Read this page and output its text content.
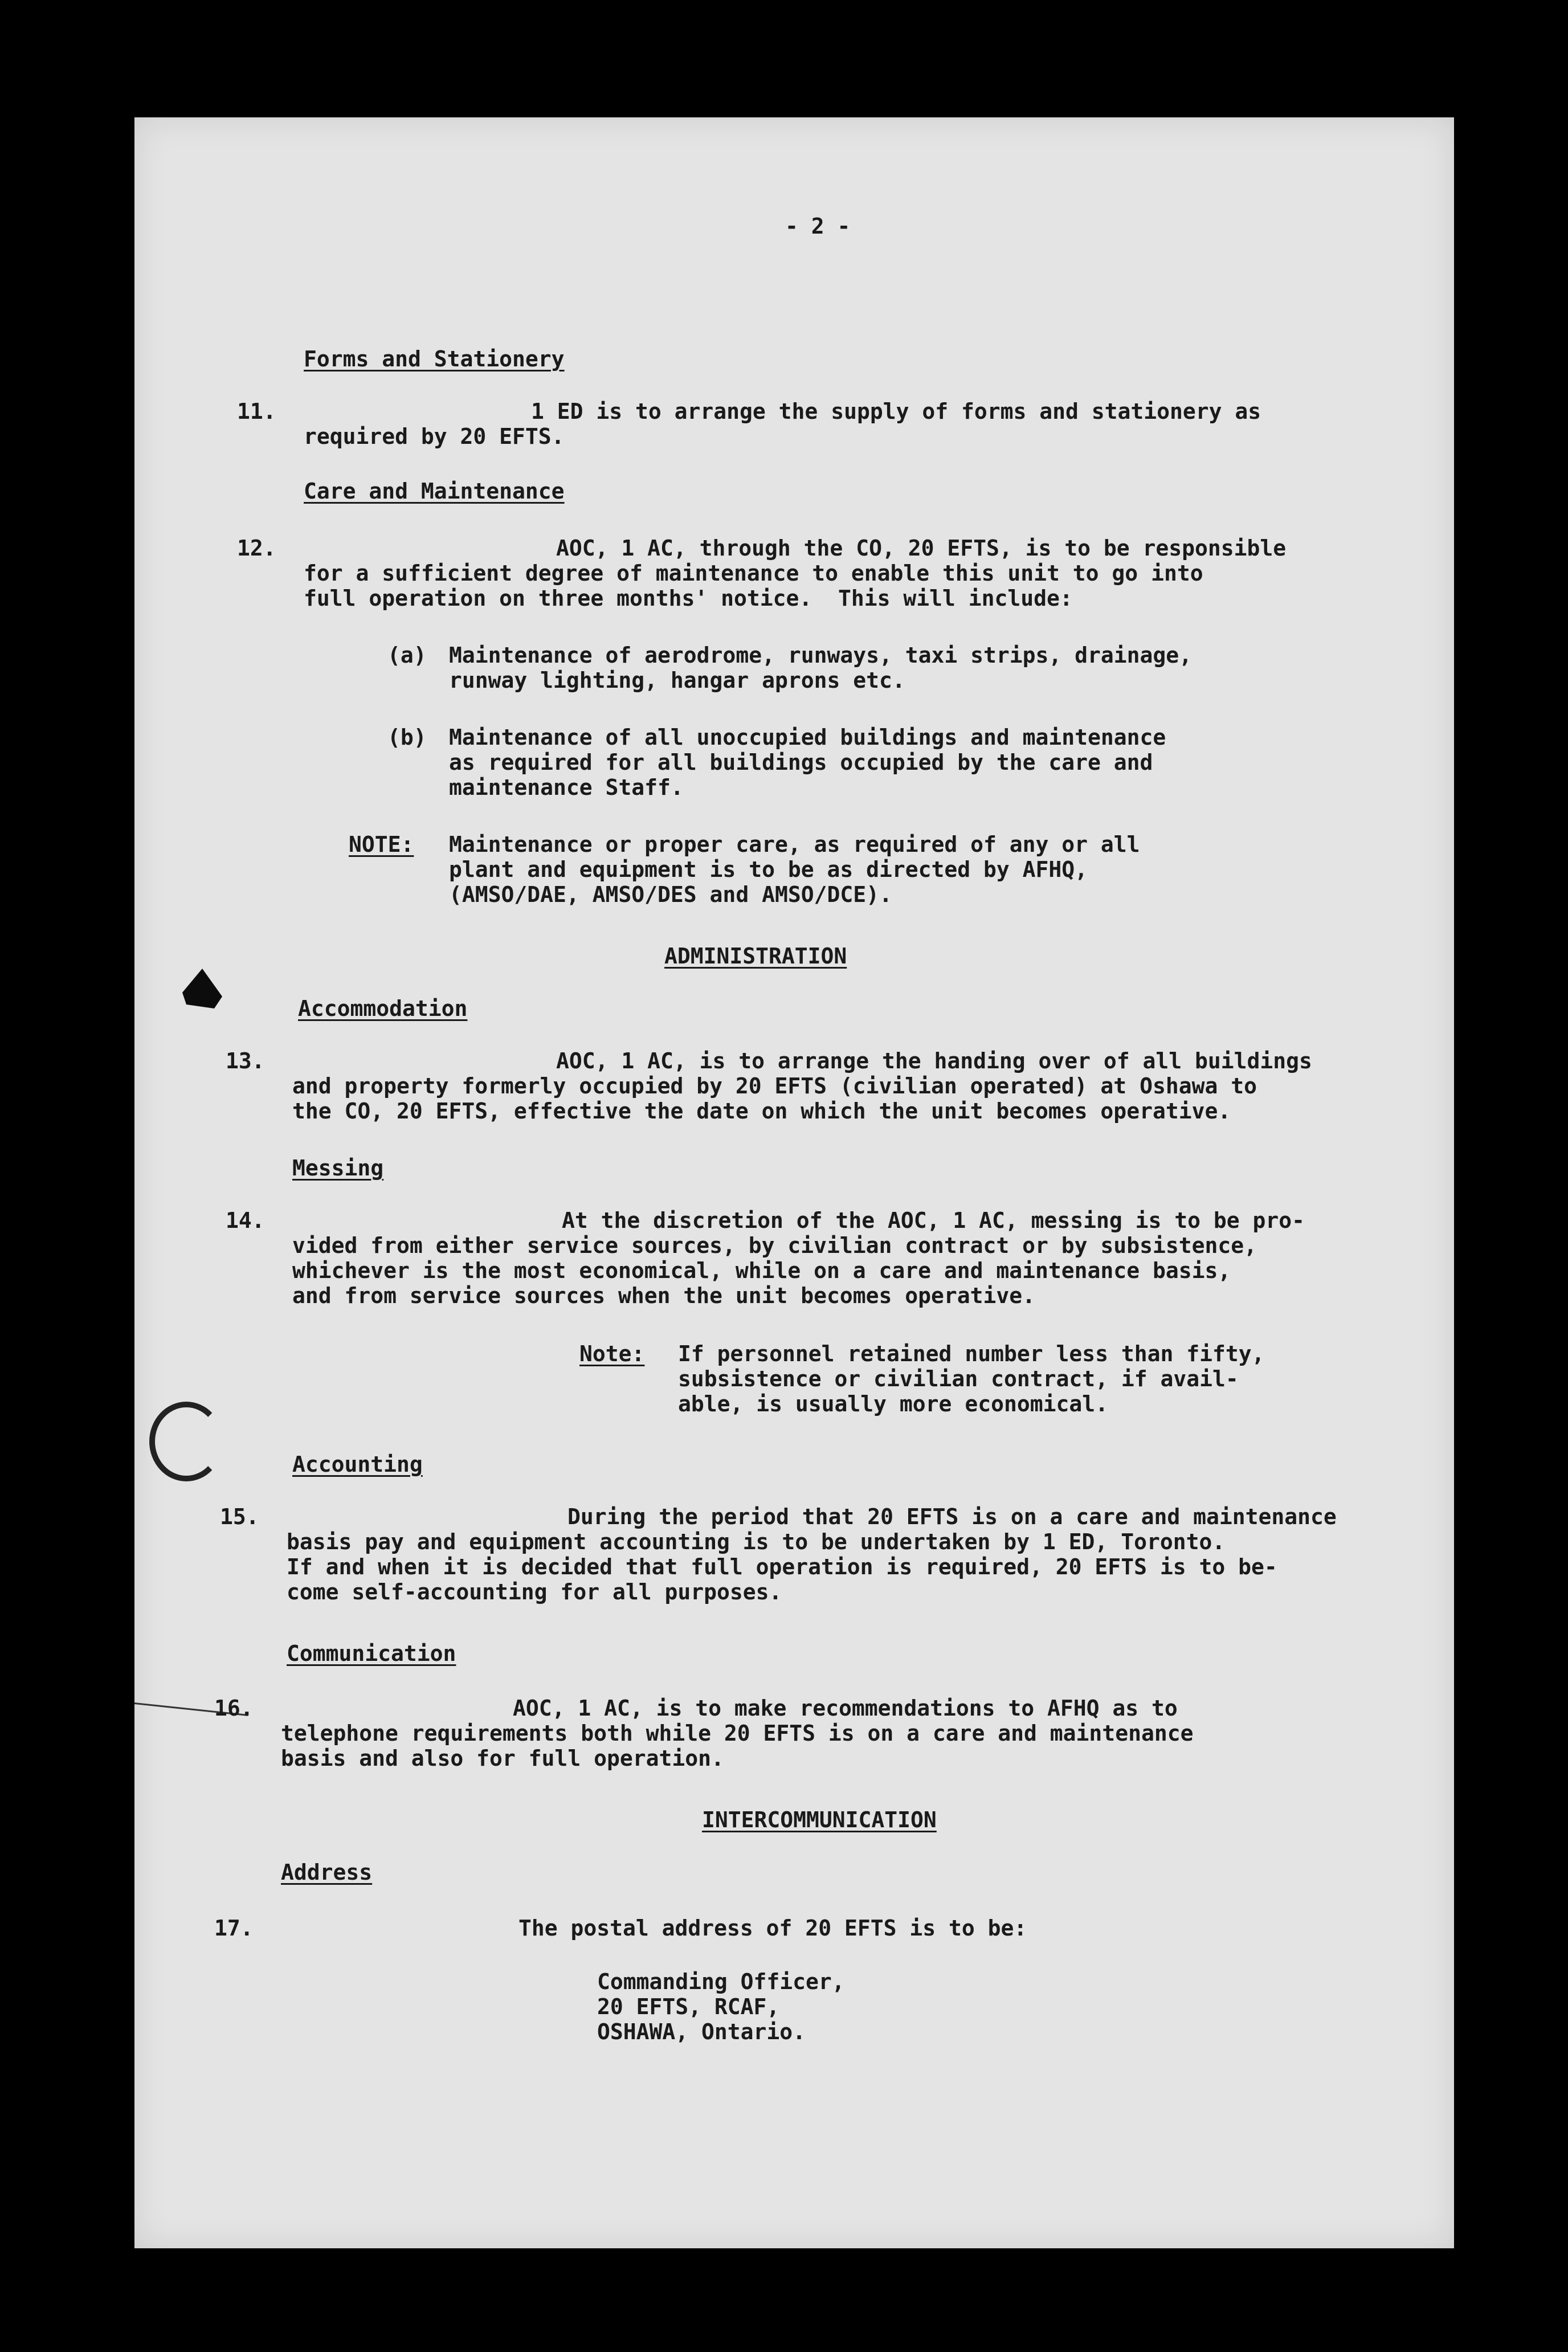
- 2 -
Forms and Stationery
11.	1 ED is to arrange the supply of forms and stationery as
required by 20 EFTS.
Care and Maintenance
12.	AOC, 1 AC, through the CO, 20 EFTS, is to be responsible
for a sufficient degree of maintenance to enable this unit to go into
full operation on three months' notice.  This will include:
(a) Maintenance of aerodrome, runways, taxi strips, drainage,
runway lighting, hangar aprons etc.
(b) Maintenance of all unoccupied buildings and maintenance
as required for all buildings occupied by the care and
maintenance Staff.
NOTE: Maintenance or proper care, as required of any or all
plant and equipment is to be as directed by AFHQ,
(AMSO/DAE, AMSO/DES and AMSO/DCE).
ADMINISTRATION
Accommodation
13.	AOC, 1 AC, is to arrange the handing over of all buildings
and property formerly occupied by 20 EFTS (civilian operated) at Oshawa to
the CO, 20 EFTS, effective the date on which the unit becomes operative.
Messing
14.	At the discretion of the AOC, 1 AC, messing is to be pro-
vided from either service sources, by civilian contract or by subsistence,
whichever is the most economical, while on a care and maintenance basis,
and from service sources when the unit becomes operative.
Note: If personnel retained number less than fifty,
subsistence or civilian contract, if avail-
able, is usually more economical.
Accounting
15.	During the period that 20 EFTS is on a care and maintenance
basis pay and equipment accounting is to be undertaken by 1 ED, Toronto.
If and when it is decided that full operation is required, 20 EFTS is to be-
come self-accounting for all purposes.
Communication
16.	AOC, 1 AC, is to make recommendations to AFHQ as to
telephone requirements both while 20 EFTS is on a care and maintenance
basis and also for full operation.
INTERCOMMUNICATION
Address
17.	The postal address of 20 EFTS is to be:
Commanding Officer,
20 EFTS, RCAF,
OSHAWA, Ontario.
